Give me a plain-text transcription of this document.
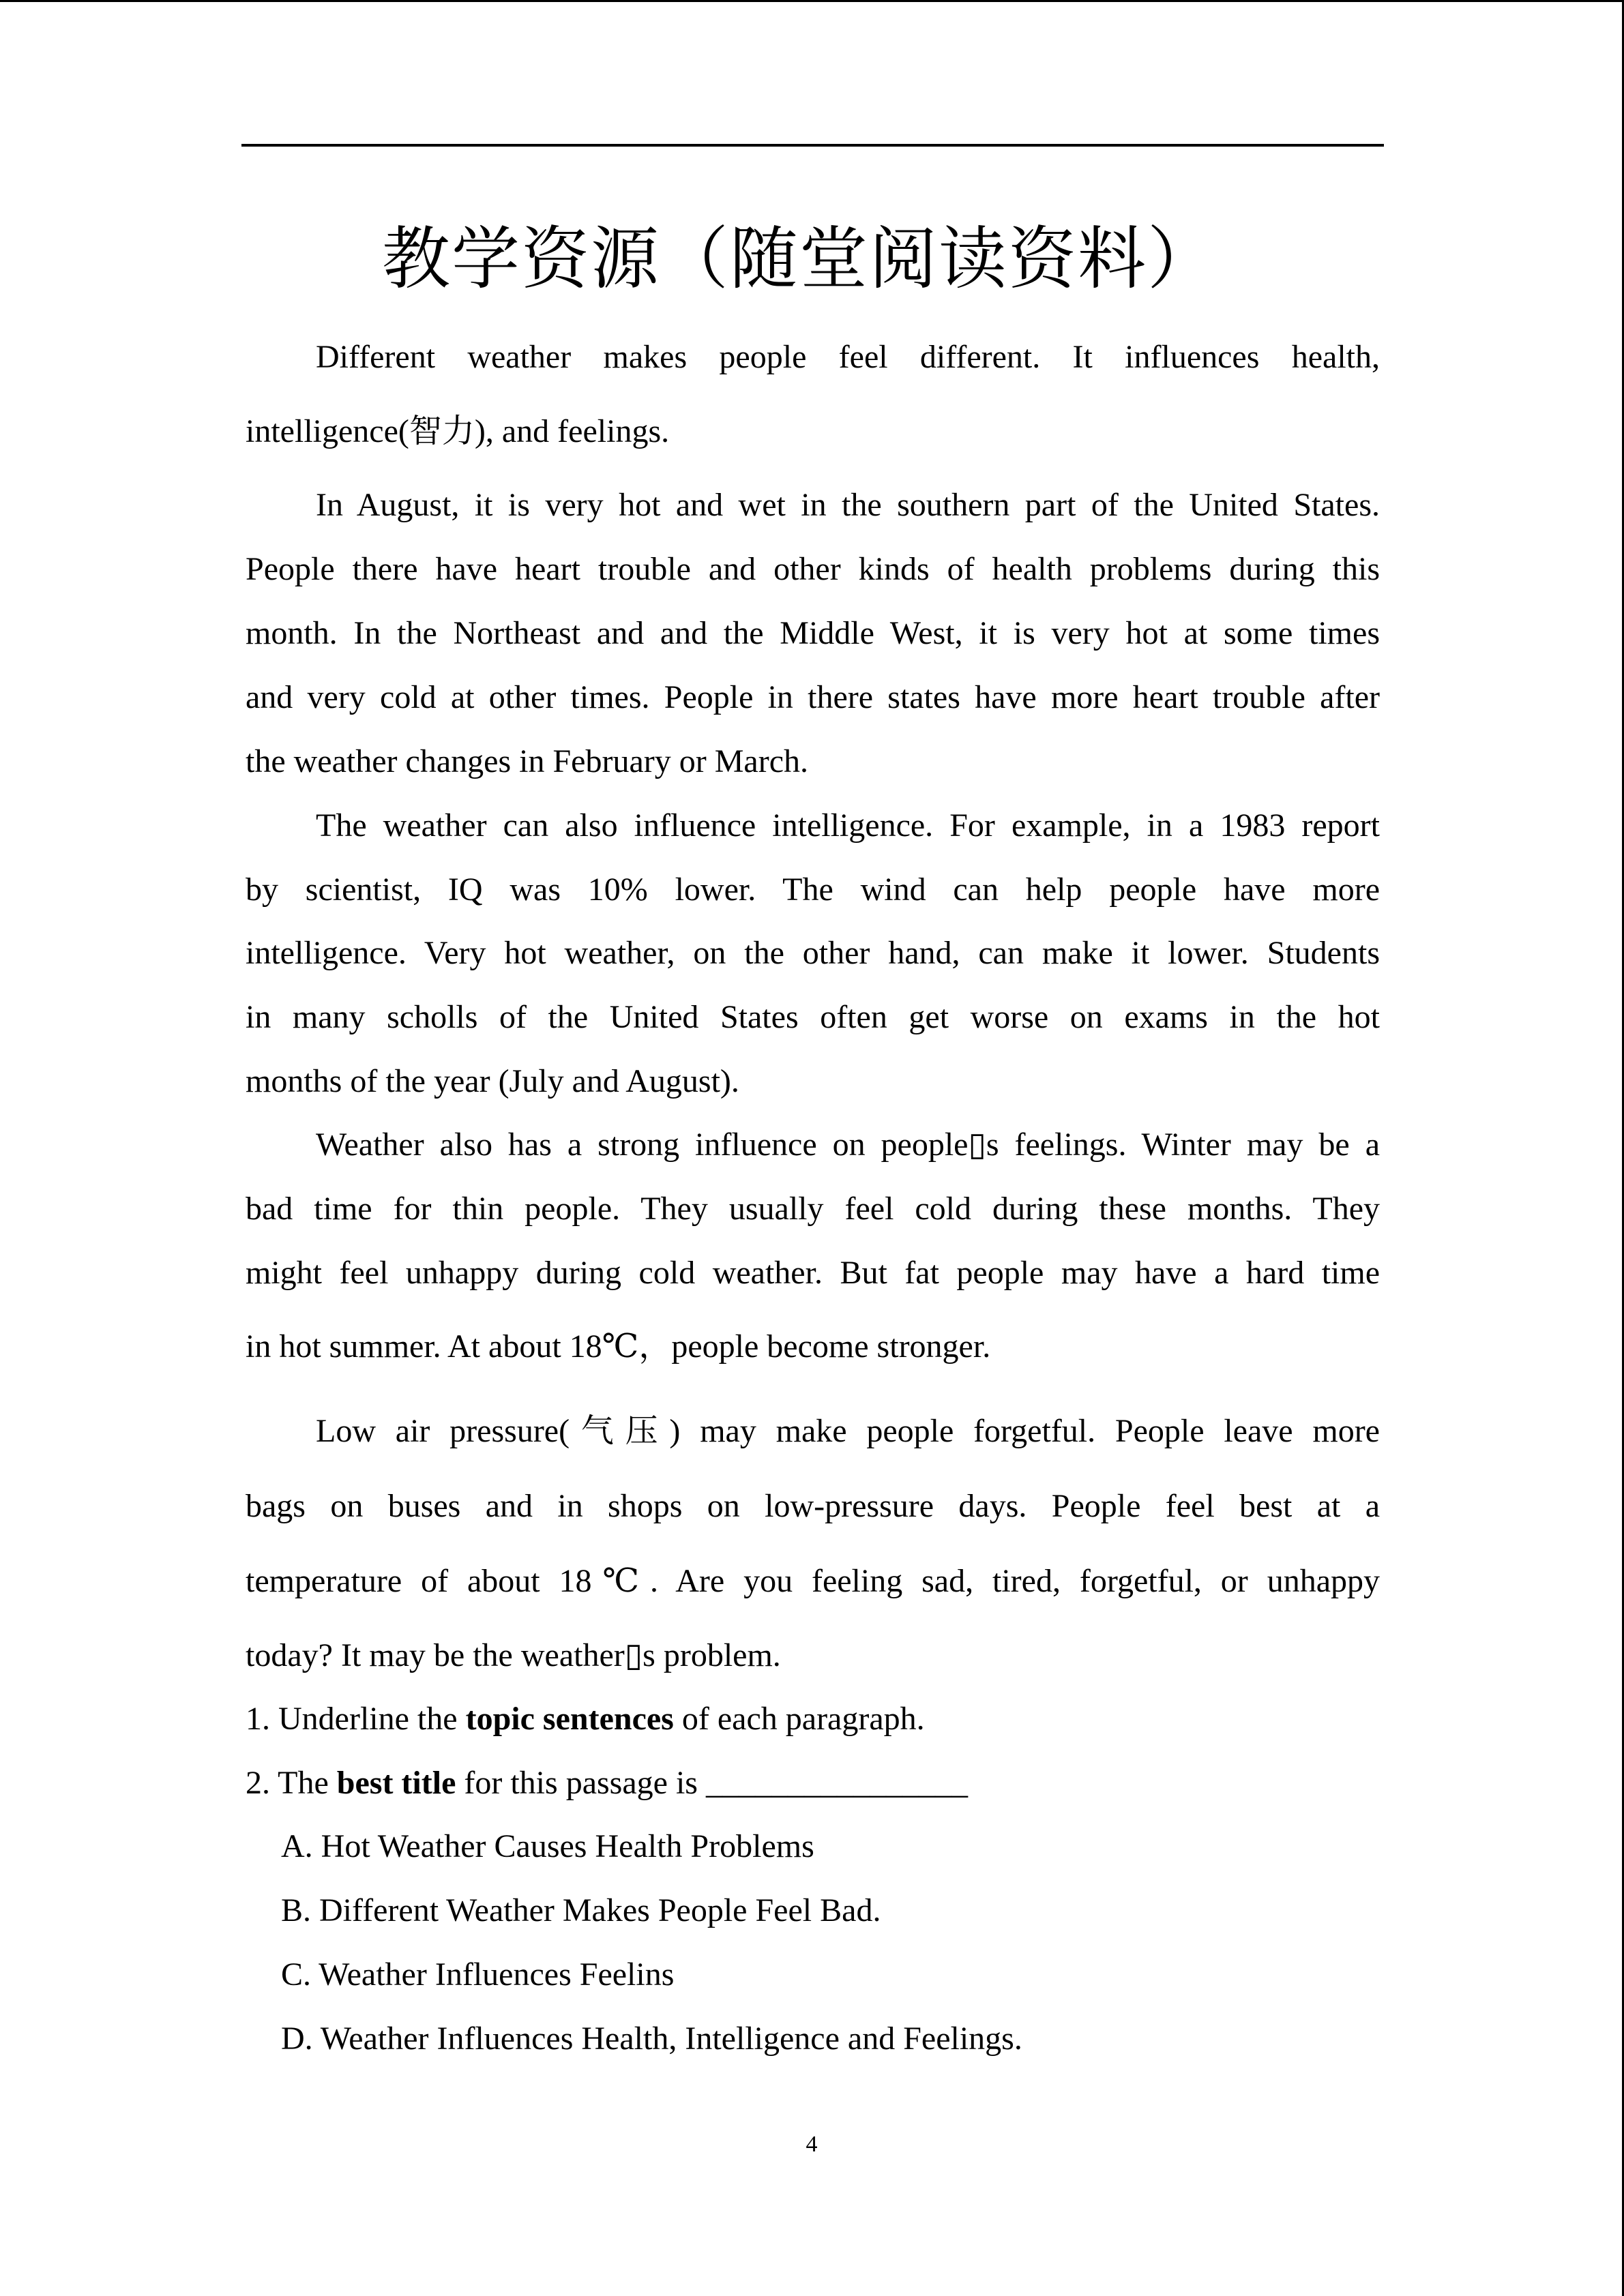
教学资源（随堂阅读资料）
Different weather makes people feel different. It influences health,
intelligence(智力), and feelings.
In August, it is very hot and wet in the southern part of the United States.
People there have heart trouble and other kinds of health problems during this
month. In the Northeast and and the Middle West, it is very hot at some times
and very cold at other times. People in there states have more heart trouble after
the weather changes in February or March.
The weather can also influence intelligence. For example, in a 1983 report
by scientist, IQ was 10% lower. The wind can help people have more
intelligence. Very hot weather, on the other hand, can make it lower. Students
in many scholls of the United States often get worse on exams in the hot
months of the year (July and August).
Weather also has a strong influence on people▯s feelings. Winter may be a
bad time for thin people. They usually feel cold during these months. They
might feel unhappy during cold weather. But fat people may have a hard time
in hot summer. At about 18℃，people become stronger.
Low air pressure(气压) may make people forgetful. People leave more
bags on buses and in shops on low-pressure days. People feel best at a
temperature of about 18℃. Are you feeling sad, tired, forgetful, or unhappy
today? It may be the weather▯s problem.
1. Underline the topic sentences of each paragraph.
2. The best title for this passage is ________________
A. Hot Weather Causes Health Problems
B. Different Weather Makes People Feel Bad.
C. Weather Influences Feelins
D. Weather Influences Health, Intelligence and Feelings.
4
